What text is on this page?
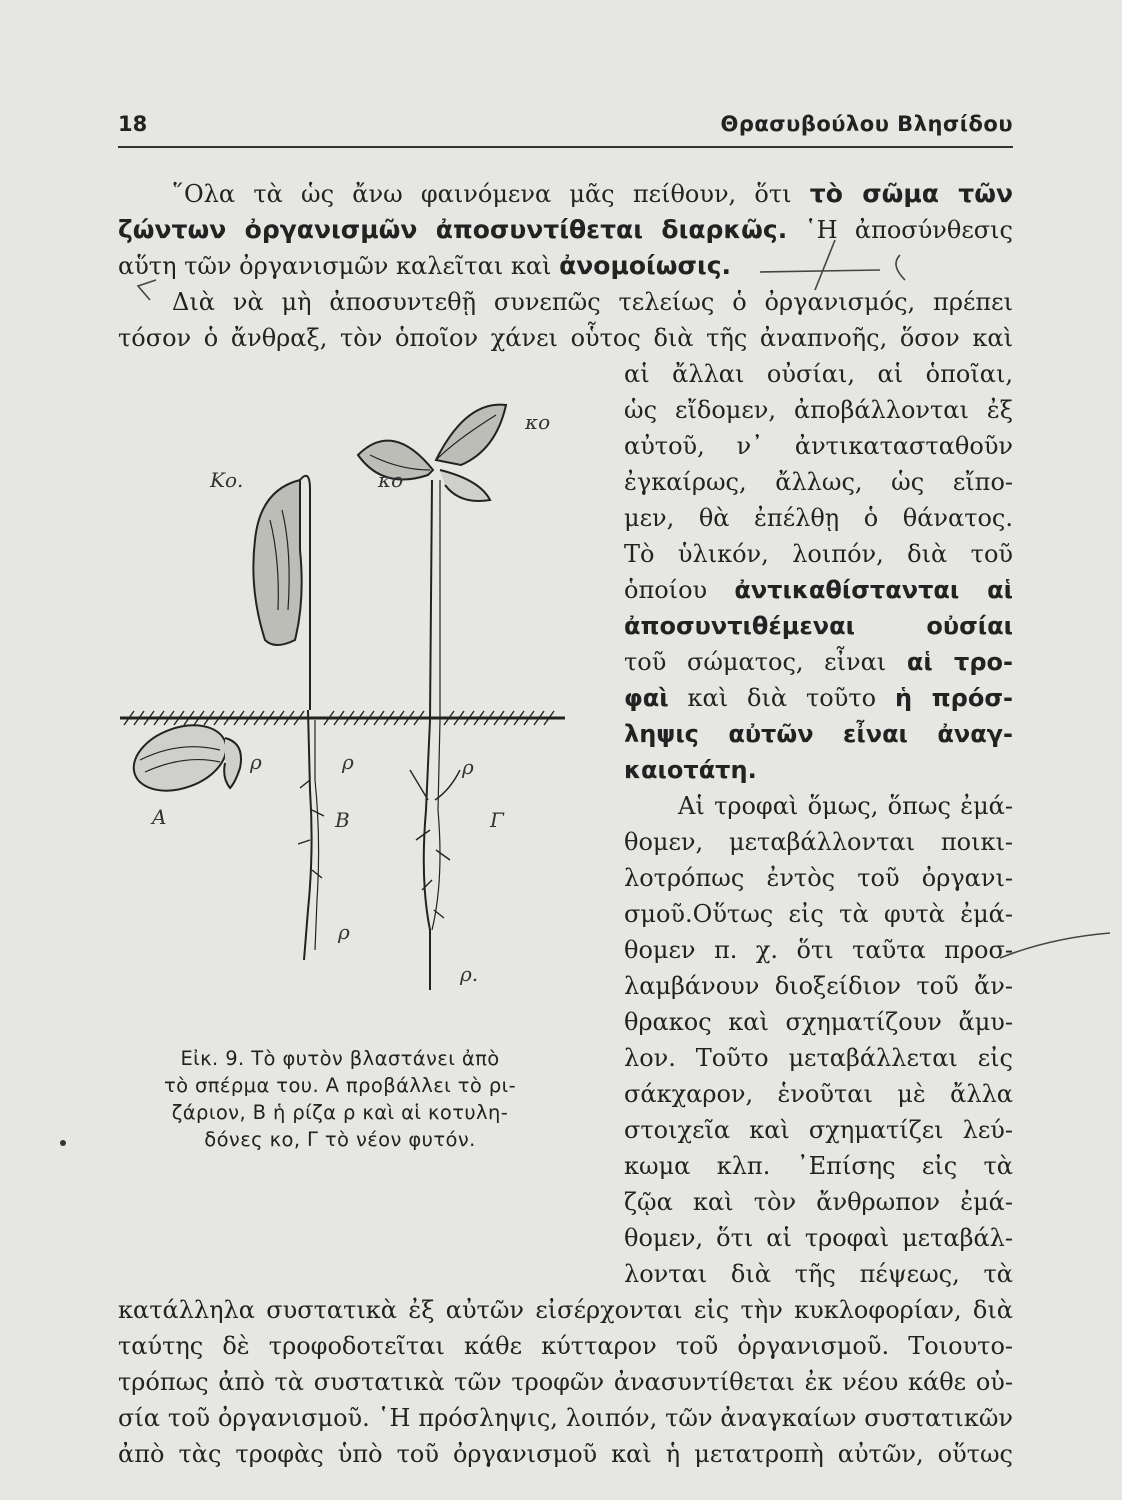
18	Θρασυβούλου Βλησίδου
῞Ολα τὰ ὡς ἄνω φαινόμενα μᾶς πείθουν, ὅτι τὸ σῶμα τῶν
ζώντων ὀργανισμῶν ἀποσυντίθεται διαρκῶς. ῾Η ἀποσύνθεσις
αὕτη τῶν ὀργανισμῶν καλεῖται καὶ ἀνομοίωσις.
Διὰ νὰ μὴ ἀποσυντεθῇ συνεπῶς τελείως ὁ ὀργανισμός, πρέπει
τόσον ὁ ἄνθραξ, τὸν ὁποῖον χάνει οὗτος διὰ τῆς ἀναπνοῆς, ὅσον καὶ
αἱ ἄλλαι οὐσίαι, αἱ ὁποῖαι,
ὡς εἴδομεν, ἀποβάλλονται ἐξ
αὐτοῦ, ν᾽ ἀντικατασταθοῦν
ἐγκαίρως, ἄλλως, ὡς εἴπο-
μεν, θὰ ἐπέλθῃ ὁ θάνατος.
Τὸ ὑλικόν, λοιπόν, διὰ τοῦ
ὁποίου ἀντικαθίστανται αἱ
ἀποσυντιθέμεναι	οὐσίαι
τοῦ σώματος, εἶναι αἱ τρο-
φαὶ καὶ διὰ τοῦτο ἡ πρόσ-
ληψις αὐτῶν εἶναι ἀναγ-
καιοτάτη.
Αἱ τροφαὶ ὅμως, ὅπως ἐμά-
θομεν, μεταβάλλονται ποικι-
λοτρόπως ἐντὸς τοῦ ὀργανι-
σμοῦ.Οὕτως εἰς τὰ φυτὰ ἐμά-
θομεν π. χ. ὅτι ταῦτα προσ-
λαμβάνουν διοξείδιον τοῦ ἄν-
θρακος καὶ σχηματίζουν ἄμυ-
λον. Τοῦτο μεταβάλλεται εἰς
σάκχαρον, ἑνοῦται μὲ ἄλλα
στοιχεῖα καὶ σχηματίζει λεύ-
κωμα κλπ. ᾿Επίσης εἰς τὰ
ζῷα καὶ τὸν ἄνθρωπον ἐμά-
θομεν, ὅτι αἱ τροφαὶ μεταβάλ-
λονται διὰ τῆς πέψεως, τὰ
κατάλληλα συστατικὰ ἐξ αὐτῶν εἰσέρχονται εἰς τὴν κυκλοφορίαν, διὰ
ταύτης δὲ τροφοδοτεῖται κάθε κύτταρον τοῦ ὀργανισμοῦ. Τοιουτο-
τρόπως ἀπὸ τὰ συστατικὰ τῶν τροφῶν ἀνασυντίθεται ἐκ νέου κάθε οὐ-
σία τοῦ ὀργανισμοῦ. ῾Η πρόσληψις, λοιπόν, τῶν ἀναγκαίων συστατικῶν
ἀπὸ τὰς τροφὰς ὑπὸ τοῦ ὀργανισμοῦ καὶ ἡ μετατροπὴ αὐτῶν, οὕτως
Κο.	κο
κο
ρ	ρ	ρ
Α	Β	Γ
ρ
ρ.
Εἰκ. 9. Τὸ φυτὸν βλαστάνει ἀπὸ
τὸ σπέρμα του. Α προβάλλει τὸ ρι-
ζάριον, Β ἡ ρίζα ρ καὶ αἱ κοτυλη-
δόνες κο, Γ τὸ νέον φυτόν.
